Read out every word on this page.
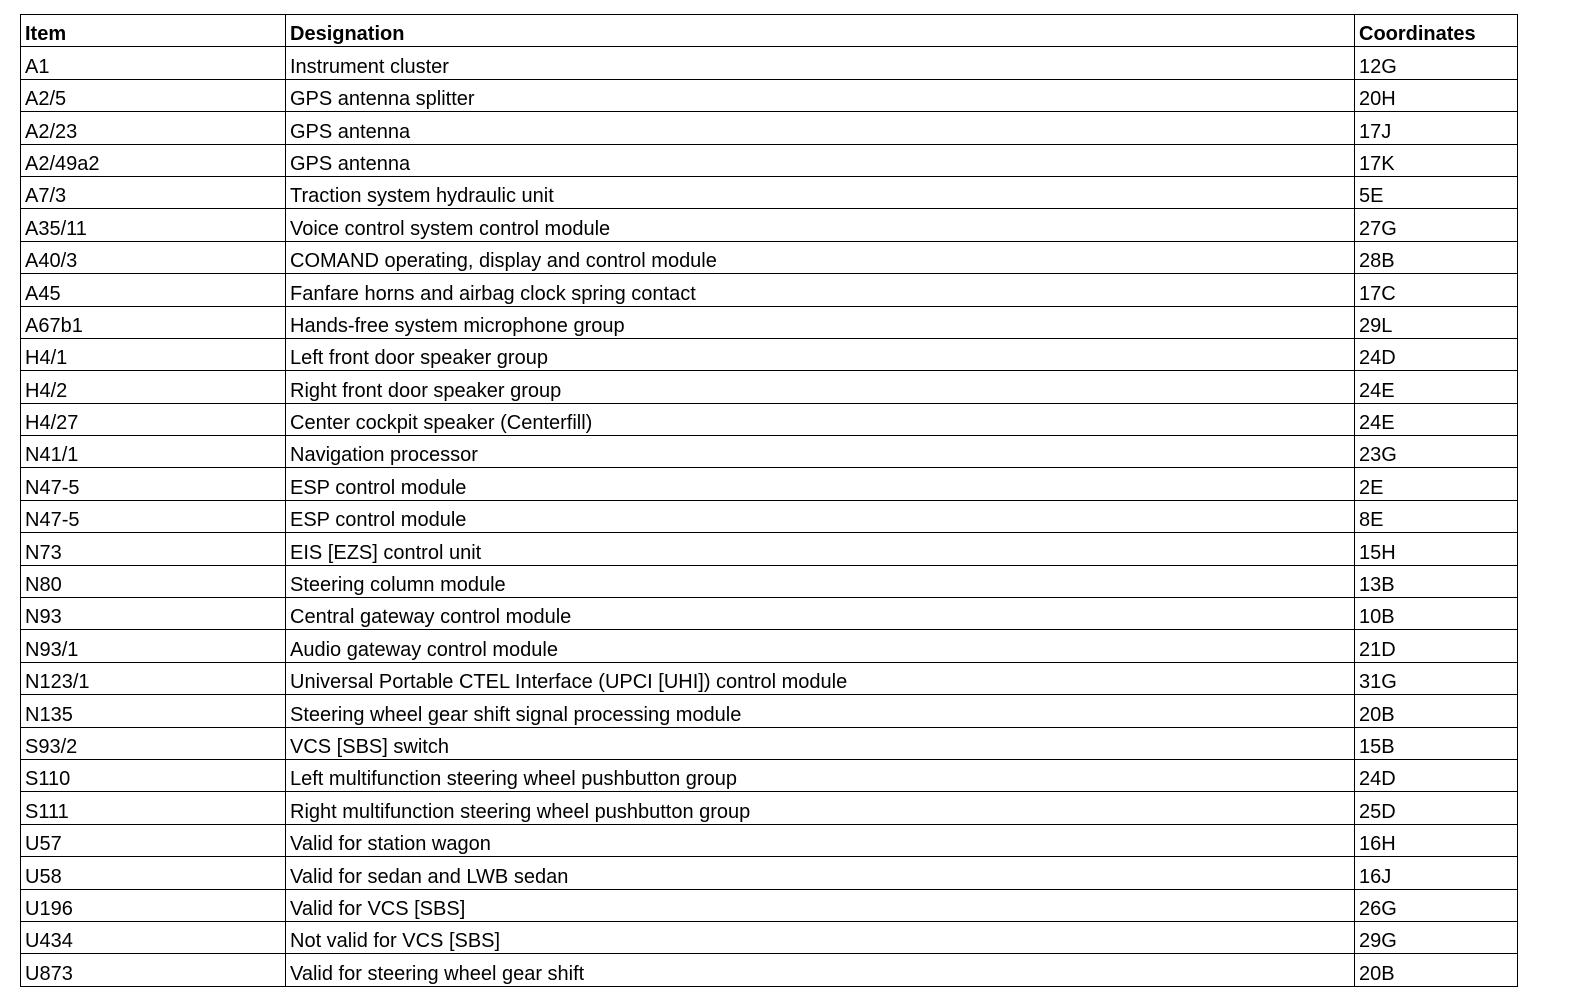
Item	Designation	Coordinates
A1	Instrument cluster	12G
A2/5	GPS antenna splitter	20H
A2/23	GPS antenna	17J
A2/49a2	GPS antenna	17K
A7/3	Traction system hydraulic unit	5E
A35/11	Voice control system control module	27G
A40/3	COMAND operating, display and control module	28B
A45	Fanfare horns and airbag clock spring contact	17C
A67b1	Hands-free system microphone group	29L
H4/1	Left front door speaker group	24D
H4/2	Right front door speaker group	24E
H4/27	Center cockpit speaker (Centerfill)	24E
N41/1	Navigation processor	23G
N47-5	ESP control module	2E
N47-5	ESP control module	8E
N73	EIS [EZS] control unit	15H
N80	Steering column module	13B
N93	Central gateway control module	10B
N93/1	Audio gateway control module	21D
N123/1	Universal Portable CTEL Interface (UPCI [UHI]) control module	31G
N135	Steering wheel gear shift signal processing module	20B
S93/2	VCS [SBS] switch	15B
S110	Left multifunction steering wheel pushbutton group	24D
S111	Right multifunction steering wheel pushbutton group	25D
U57	Valid for station wagon	16H
U58	Valid for sedan and LWB sedan	16J
U196	Valid for VCS [SBS]	26G
U434	Not valid for VCS [SBS]	29G
U873	Valid for steering wheel gear shift	20B
